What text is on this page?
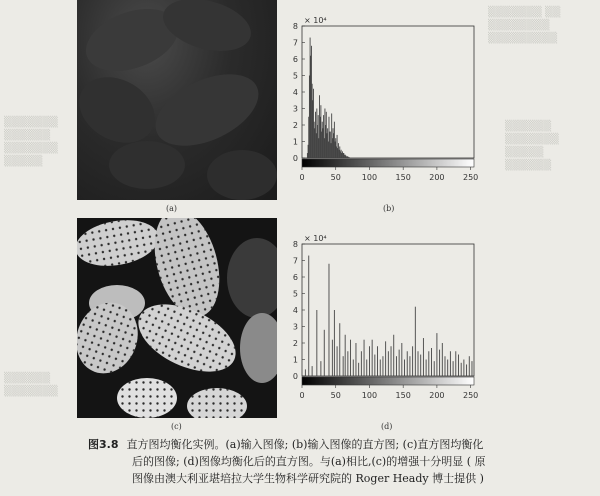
▒▒▒▒▒▒▒ ▒▒
▒▒▒▒▒▒▒▒
▒▒▒▒▒▒▒▒▒
▒▒▒▒▒▒▒
▒▒▒▒▒▒
▒▒▒▒▒▒▒
▒▒▒▒▒
▒▒▒▒▒▒
▒▒▒▒▒▒▒
▒▒▒▒▒
▒▒▒▒▒▒
▒▒▒▒▒▒
▒▒▒▒▒▒▒
(a)
× 10⁴
0
1
2
3
4
5
6
7
8
0	50	100 150 200 250
(b)
(c)
× 10⁴
0
1
2
3
4
5
6
7
8
0	50	100 150 200 250
(d)
图3.8 直方图均衡化实例。(a)输入图像; (b)输入图像的直方图; (c)直方图均衡化
后的图像; (d)图像均衡化后的直方图。与(a)相比,(c)的增强十分明显 ( 原
图像由澳大利亚堪培拉大学生物科学研究院的 Roger Heady 博士提供 )
